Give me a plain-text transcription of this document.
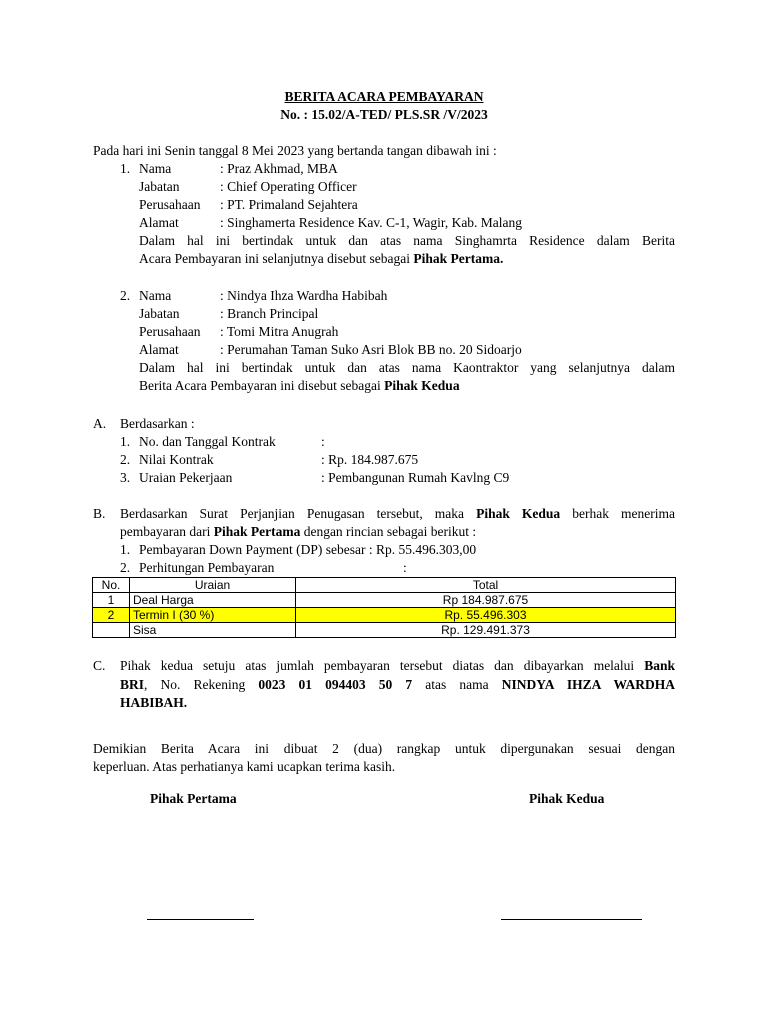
BERITA ACARA PEMBAYARAN
No. : 15.02/A-TED/ PLS.SR /V/2023
Pada hari ini Senin tanggal 8 Mei 2023 yang bertanda tangan dibawah ini :
1. Nama	: Praz Akhmad, MBA
Jabatan	: Chief Operating Officer
Perusahaan : PT. Primaland Sejahtera
Alamat	: Singhamerta Residence Kav. C-1, Wagir, Kab. Malang
Dalam hal ini bertindak untuk dan atas nama Singhamrta Residence dalam Berita
Acara Pembayaran ini selanjutnya disebut sebagai Pihak Pertama.
2. Nama	: Nindya Ihza Wardha Habibah
Jabatan	: Branch Principal
Perusahaan : Tomi Mitra Anugrah
Alamat	: Perumahan Taman Suko Asri Blok BB no. 20 Sidoarjo
Dalam hal ini bertindak untuk dan atas nama Kaontraktor yang selanjutnya dalam
Berita Acara Pembayaran ini disebut sebagai Pihak Kedua
A. Berdasarkan :
1. No. dan Tanggal Kontrak	:
2. Nilai Kontrak	: Rp. 184.987.675
3. Uraian Pekerjaan	: Pembangunan Rumah Kavlng C9
B. Berdasarkan Surat Perjanjian Penugasan tersebut, maka Pihak Kedua berhak menerima
pembayaran dari Pihak Pertama dengan rincian sebagai berikut :
1. Pembayaran Down Payment (DP) sebesar : Rp. 55.496.303,00
2. Perhitungan Pembayaran	:
No.	Uraian	Total
1	Deal Harga	Rp 184.987.675
2	Termin I (30 %)	Rp. 55.496.303
	Sisa	Rp. 129.491.373
C. Pihak kedua setuju atas jumlah pembayaran tersebut diatas dan dibayarkan melalui Bank
BRI, No. Rekening 0023 01 094403 50 7 atas nama NINDYA IHZA WARDHA
HABIBAH.
Demikian Berita Acara ini dibuat 2 (dua) rangkap untuk dipergunakan sesuai dengan
keperluan. Atas perhatianya kami ucapkan terima kasih.
Pihak Pertama	Pihak Kedua
